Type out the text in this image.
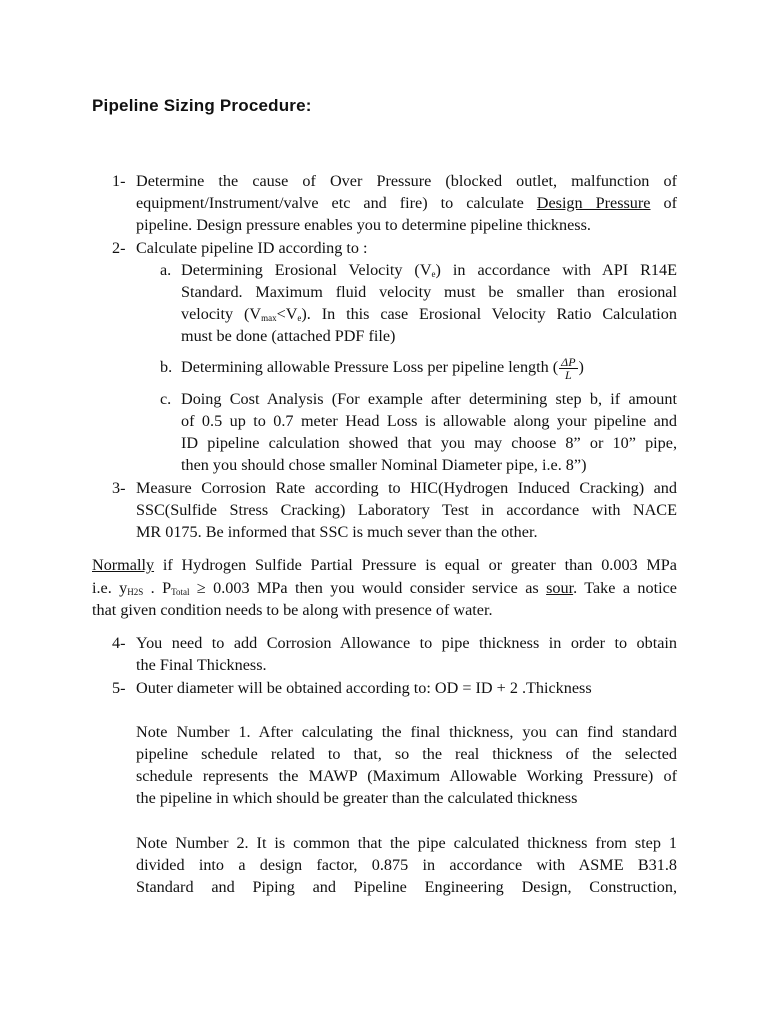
Pipeline Sizing Procedure:
1- Determine the cause of Over Pressure (blocked outlet, malfunction of
equipment/Instrument/valve etc and fire) to calculate Design Pressure of
pipeline. Design pressure enables you to determine pipeline thickness.
2- Calculate pipeline ID according to :
a. Determining Erosional Velocity $(V_e)$ in accordance with API R14E
Standard. Maximum fluid velocity must be smaller than erosional
velocity $(V_{max}<V_e)$. In this case Erosional Velocity Ratio Calculation
must be done (attached PDF file)
b. Determining allowable Pressure Loss per pipeline length ( $\frac{\Delta P}{L}$ )
c. Doing Cost Analysis (For example after determining step b, if amount
of 0.5 up to 0.7 meter Head Loss is allowable along your pipeline and
ID pipeline calculation showed that you may choose 8” or 10” pipe,
then you should chose smaller Nominal Diameter pipe, i.e. 8”)
3- Measure Corrosion Rate according to HIC(Hydrogen Induced Cracking) and
SSC(Sulfide Stress Cracking) Laboratory Test in accordance with NACE
MR 0175. Be informed that SSC is much sever than the other.
Normally if Hydrogen Sulfide Partial Pressure is equal or greater than 0.003 MPa
i.e. $y_{H2S}$ . $P_{Total} \ge 0.003$ MPa then you would consider service as sour. Take a notice
that given condition needs to be along with presence of water.
4- You need to add Corrosion Allowance to pipe thickness in order to obtain
the Final Thickness.
5- Outer diameter will be obtained according to: OD = ID + 2 .Thickness
Note Number 1. After calculating the final thickness, you can find standard
pipeline schedule related to that, so the real thickness of the selected
schedule represents the MAWP (Maximum Allowable Working Pressure) of
the pipeline in which should be greater than the calculated thickness
Note Number 2. It is common that the pipe calculated thickness from step 1
divided into a design factor, 0.875 in accordance with ASME B31.8
Standard and Piping and Pipeline Engineering Design, Construction,
